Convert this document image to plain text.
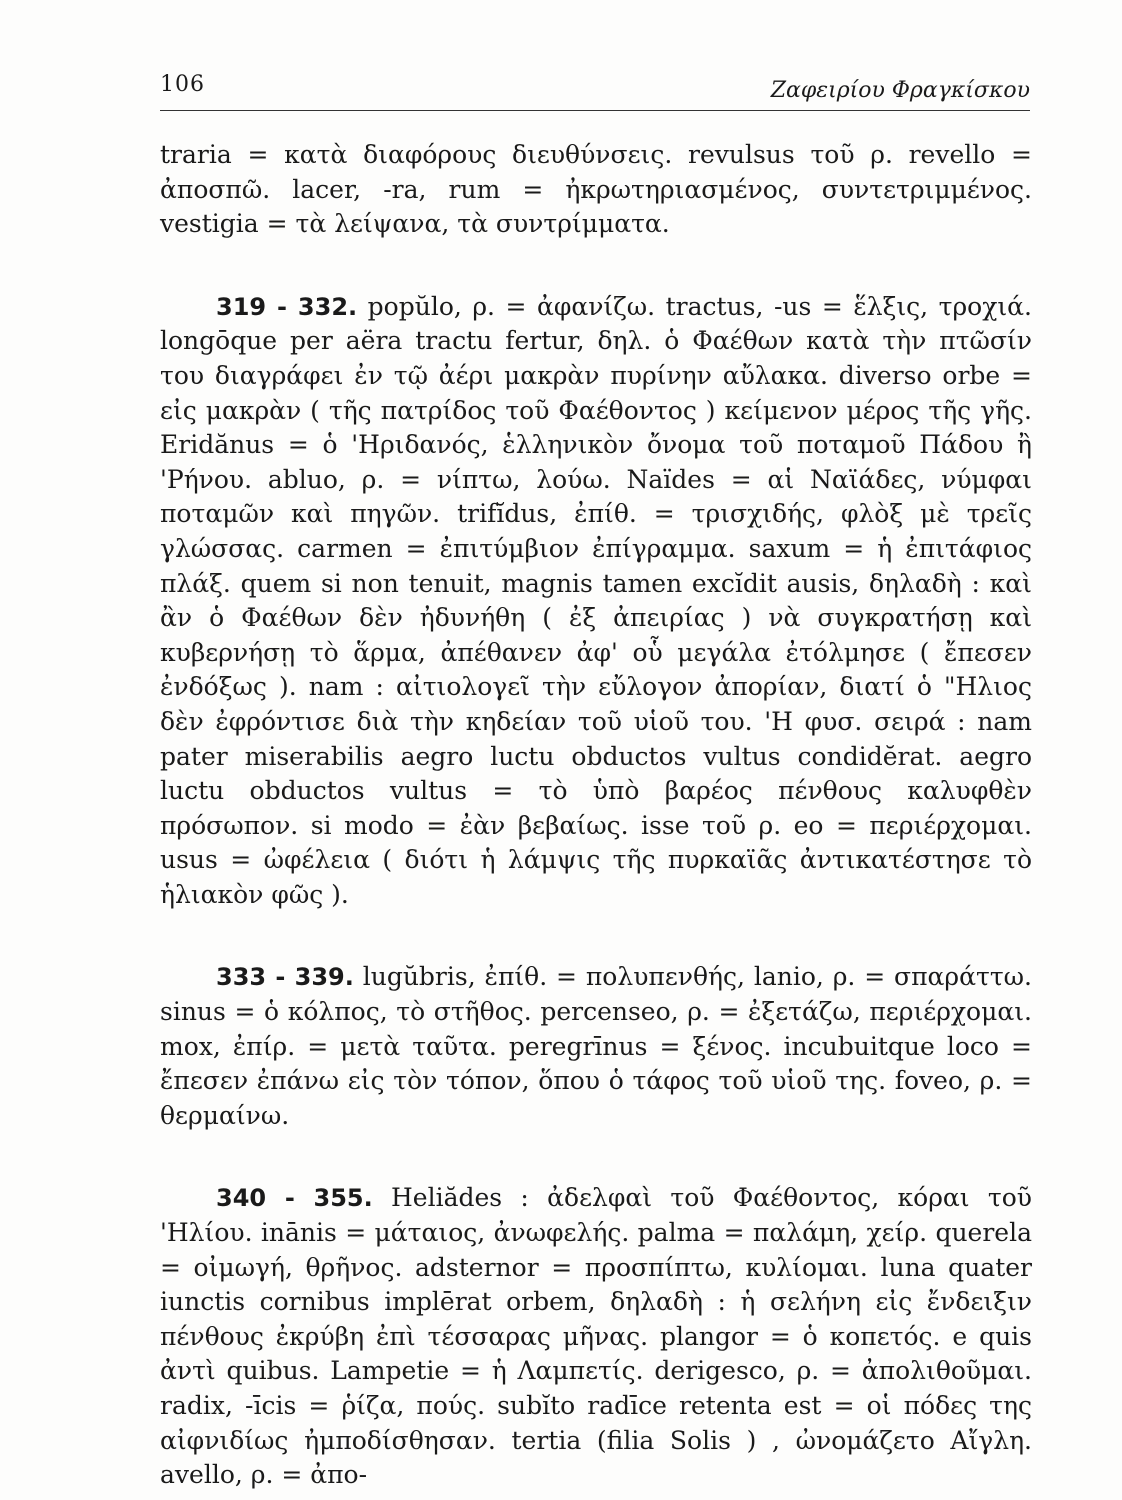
106	Ζαφειρίου Φραγκίσκου

traria = κατὰ διαφόρους διευθύνσεις. revulsus τοῦ ρ. revello = ἀποσπῶ. lacer, -ra, rum = ἠκρωτηριασμένος, συντετριμμένος. vestigia = τὰ λείψανα, τὰ συντρίμματα.

319 - 332. popŭlo, ρ. = ἀφανίζω. tractus, -us = ἕλξις, τροχιά. longōque per aëra tractu fertur, δηλ. ὁ Φαέθων κατὰ τὴν πτῶσίν του διαγράφει ἐν τῷ ἀέρι μακρὰν πυρίνην αὔλακα. diverso orbe = εἰς μακρὰν ( τῆς πατρίδος τοῦ Φαέθοντος ) κείμενον μέρος τῆς γῆς. Eridănus = ὁ 'Ηριδανός, ἑλληνικὸν ὄνομα τοῦ ποταμοῦ Πάδου ἢ 'Ρήνου. abluo, ρ. = νίπτω, λούω. Naïdes = αἱ Ναϊάδες, νύμφαι ποταμῶν καὶ πηγῶν. trifĭdus, ἐπίθ. = τρισχιδής, φλὸξ μὲ τρεῖς γλώσσας. carmen = ἐπιτύμβιον ἐπίγραμμα. saxum = ἡ ἐπιτάφιος πλάξ. quem si non tenuit, magnis tamen excĭdit ausis, δηλαδὴ : καὶ ἂν ὁ Φαέθων δὲν ἠδυνήθη ( ἐξ ἀπειρίας ) νὰ συγκρατήσῃ καὶ κυβερνήσῃ τὸ ἅρμα, ἀπέθανεν ἀφ' οὗ μεγάλα ἐτόλμησε ( ἔπεσεν ἐνδόξως ). nam : αἰτιολογεῖ τὴν εὔλογον ἀπορίαν, διατί ὁ "Ηλιος δὲν ἐφρόντισε διὰ τὴν κηδείαν τοῦ υἱοῦ του. 'Η φυσ. σειρά : nam pater miserabilis aegro luctu obductos vultus condidĕrat. aegro luctu obductos vultus = τὸ ὑπὸ βαρέος πένθους καλυφθὲν πρόσωπον. si modo = ἐὰν βεβαίως. isse τοῦ ρ. eo = περιέρχομαι. usus = ὠφέλεια ( διότι ἡ λάμψις τῆς πυρκαϊᾶς ἀντικατέστησε τὸ ἡλιακὸν φῶς ).

333 - 339. lugŭbris, ἐπίθ. = πολυπενθής, lanio, ρ. = σπαράττω. sinus = ὁ κόλπος, τὸ στῆθος. percenseo, ρ. = ἐξετάζω, περιέρχομαι. mox, ἐπίρ. = μετὰ ταῦτα. peregrīnus = ξένος. incubuitque loco = ἔπεσεν ἐπάνω εἰς τὸν τόπον, ὅπου ὁ τάφος τοῦ υἱοῦ της. foveo, ρ. = θερμαίνω.

340 - 355. Heliădes : ἀδελφαὶ τοῦ Φαέθοντος, κόραι τοῦ 'Ηλίου. inānis = μάταιος, ἀνωφελής. palma = παλάμη, χείρ. querela = οἰμωγή, θρῆνος. adsternor = προσπίπτω, κυλίομαι. luna quater iunctis cornibus implērat orbem, δηλαδὴ : ἡ σελήνη εἰς ἔνδειξιν πένθους ἐκρύβη ἐπὶ τέσσαρας μῆνας. plangor = ὁ κοπετός. e quis ἀντὶ quibus. Lampetie = ἡ Λαμπετίς. derigesco, ρ. = ἀπολιθοῦμαι. radix, -īcis = ῥίζα, πούς. subĭto radīce retenta est = οἱ πόδες της αἰφνιδίως ἠμποδίσθησαν. tertia (filia Solis ) , ὠνομάζετο Αἴγλη. avello, ρ. = ἀπο-
